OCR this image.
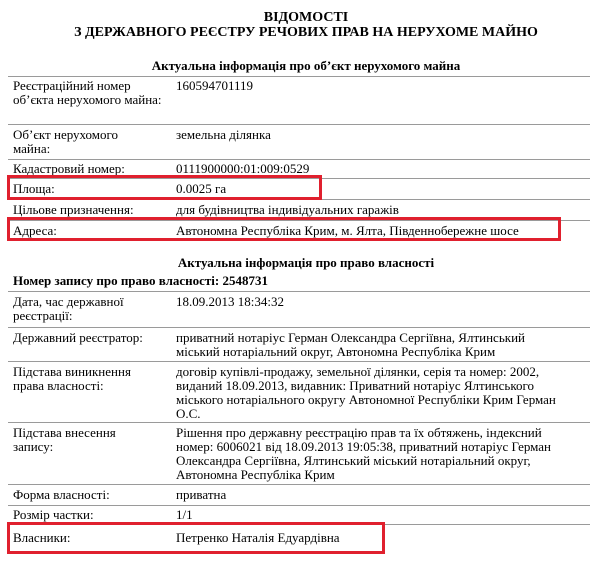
ВІДОМОСТІ
З ДЕРЖАВНОГО РЕЄСТРУ РЕЧОВИХ ПРАВ НА НЕРУХОМЕ МАЙНО
Актуальна інформація про об’єкт нерухомого майна
Реєстраційний номер об’єкта нерухомого майна:
160594701119
Об’єкт нерухомого майна:
земельна ділянка
Кадастровий номер:	0111900000:01:009:0529
Площа:	0.0025 га
Цільове призначення:	для будівництва індивідуальних гаражів
Адреса:	Автономна Республіка Крим, м. Ялта, Південнобережне шосе
Актуальна інформація про право власності
Номер запису про право власності: 2548731
Дата, час державної реєстрації:
18.09.2013 18:34:32
Державний реєстратор:	приватний нотаріус Герман Олександра Сергіївна, Ялтинський міський нотаріальний округ, Автономна Республіка Крим
Підстава виникнення права власності:
договір купівлі-продажу, земельної ділянки, серія та номер: 2002, виданий 18.09.2013, видавник: Приватний нотаріус Ялтинського міського нотаріального округу Автономної Республіки Крим Герман О.С.
Підстава внесення запису:
Рішення про державну реєстрацію прав та їх обтяжень, індексний номер: 6006021 від 18.09.2013 19:05:38, приватний нотаріус Герман Олександра Сергіївна, Ялтинський міський нотаріальний округ, Автономна Республіка Крим
Форма власності:	приватна
Розмір частки:	1/1
Власники:	Петренко Наталія Едуардівна
